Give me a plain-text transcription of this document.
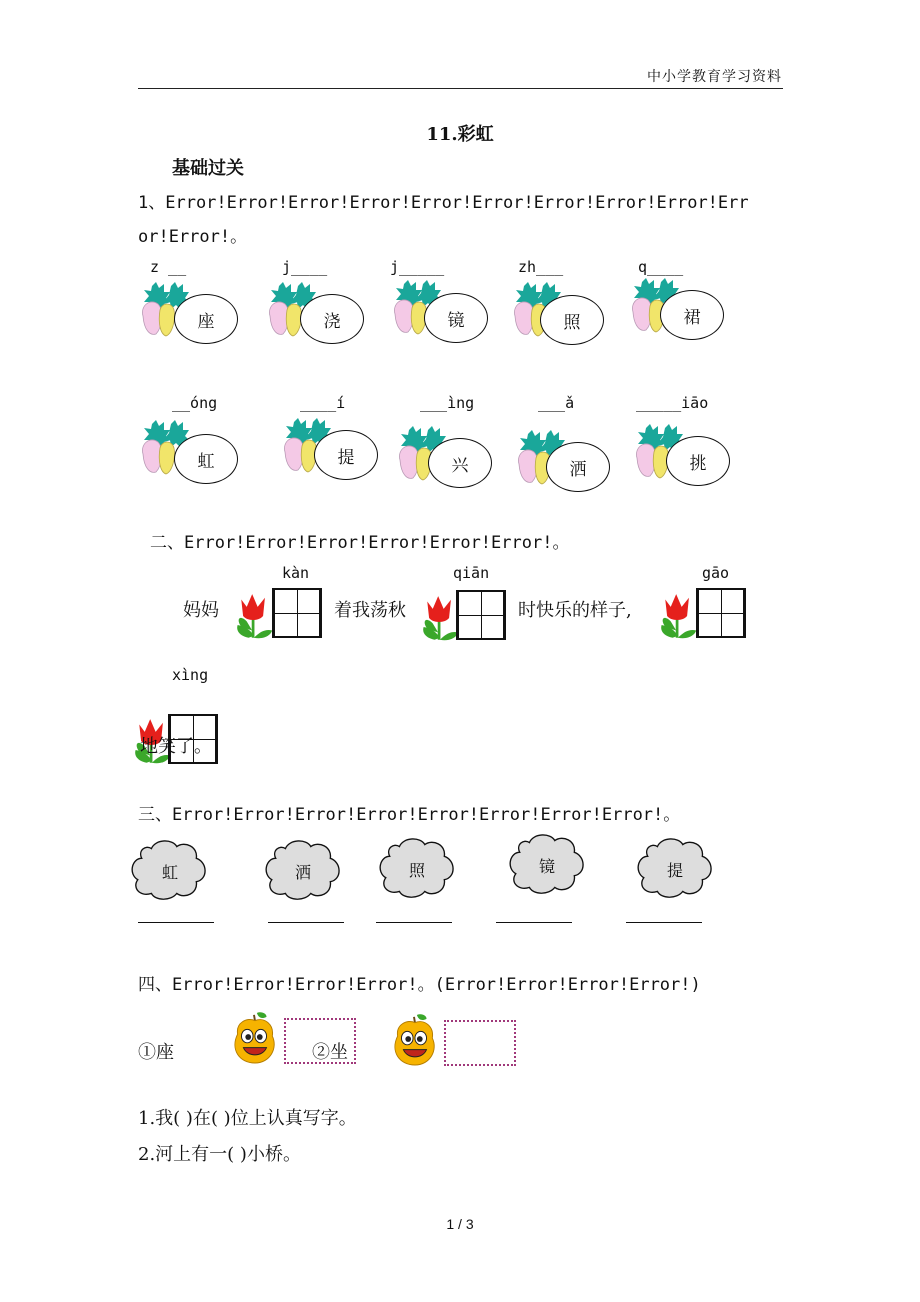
中小学教育学习资料
11.彩虹
基础过关
1、Error!Error!Error!Error!Error!Error!Error!Error!Error!Err
or!Error!。
z __
座
j____
浇
j_____
镜
zh___
照
q____
裙
__óng
虹
____í
提
___ìng
兴
___ǎ
洒
_____iāo
挑
二、Error!Error!Error!Error!Error!Error!。
kàn	qiān	gāo
妈妈	着我荡秋	时快乐的样子,
xìng
地笑了。
三、Error!Error!Error!Error!Error!Error!Error!Error!。
虹	洒	照	镜	提
四、Error!Error!Error!Error!。(Error!Error!Error!Error!)
①座	②坐
1.我( )在( )位上认真写字。
2.河上有一( )小桥。
1 / 3
